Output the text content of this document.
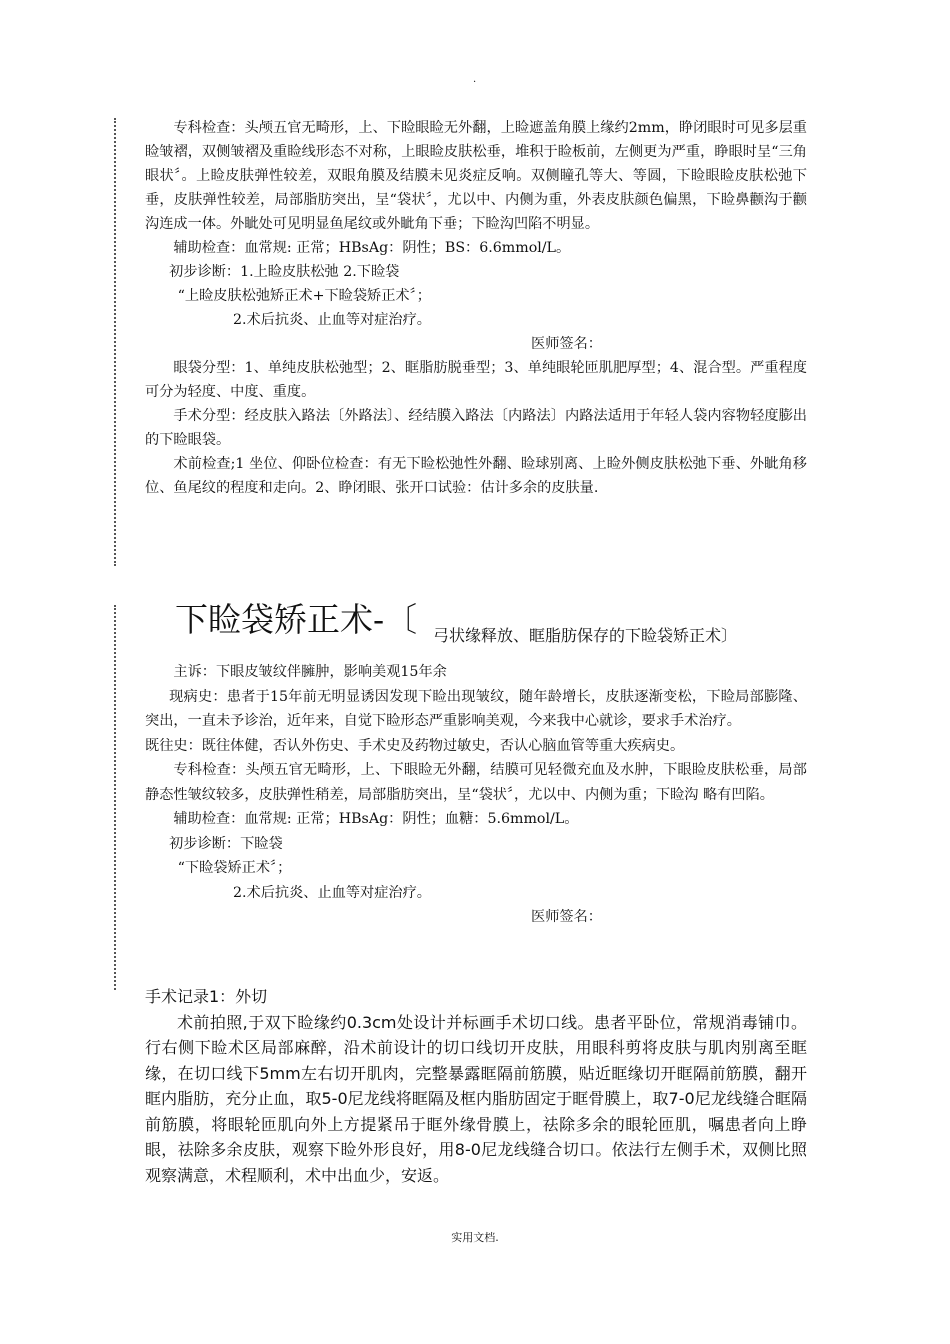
.

专科检查：头颅五官无畸形，上、下睑眼睑无外翻，上睑遮盖角膜上缘约2mm，睁闭眼时可见多层重睑皱褶，双侧皱褶及重睑线形态不对称，上眼睑皮肤松垂，堆积于睑板前，左侧更为严重，睁眼时呈“三角眼状〞。上睑皮肤弹性较差，双眼角膜及结膜未见炎症反响。双侧瞳孔等大、等圆，下睑眼睑皮肤松弛下垂，皮肤弹性较差，局部脂肪突出，呈“袋状〞，尤以中、内侧为重，外表皮肤颜色偏黑，下睑鼻颧沟于颧沟连成一体。外眦处可见明显鱼尾纹或外眦角下垂；下睑沟凹陷不明显。

辅助检查：血常规: 正常；HBsAg：阴性；BS：6.6mmol/L。

初步诊断：1.上睑皮肤松弛 2.下睑袋

“上睑皮肤松弛矫正术+下睑袋矫正术〞；

2.术后抗炎、止血等对症治疗。

医师签名：

眼袋分型：1、单纯皮肤松弛型；2、眶脂肪脱垂型；3、单纯眼轮匝肌肥厚型；4、混合型。严重程度可分为轻度、中度、重度。

手术分型：经皮肤入路法〔外路法〕、经结膜入路法〔内路法〕内路法适用于年轻人袋内容物轻度膨出的下睑眼袋。

术前检查;1 坐位、仰卧位检查：有无下睑松弛性外翻、睑球别离、上睑外侧皮肤松弛下垂、外眦角移位、鱼尾纹的程度和走向。2、睁闭眼、张开口试验：估计多余的皮肤量.

下睑袋矫正术-〔 弓状缘释放、眶脂肪保存的下睑袋矫正术〕

主诉：下眼皮皱纹伴臃肿，影响美观15年余

现病史：患者于15年前无明显诱因发现下睑出现皱纹，随年龄增长，皮肤逐渐变松，下睑局部膨隆、突出，一直未予诊治，近年来，自觉下睑形态严重影响美观，今来我中心就诊，要求手术治疗。

既往史：既往体健，否认外伤史、手术史及药物过敏史，否认心脑血管等重大疾病史。

专科检查：头颅五官无畸形，上、下眼睑无外翻，结膜可见轻微充血及水肿，下眼睑皮肤松垂，局部静态性皱纹较多，皮肤弹性稍差，局部脂肪突出，呈“袋状〞，尤以中、内侧为重；下睑沟 略有凹陷。

辅助检查：血常规: 正常；HBsAg：阴性；血糖：5.6mmol/L。

初步诊断：下睑袋

“下睑袋矫正术〞；

2.术后抗炎、止血等对症治疗。

医师签名：

手术记录1：外切

术前拍照,于双下睑缘约0.3cm处设计并标画手术切口线。患者平卧位，常规消毒铺巾。行右侧下睑术区局部麻醉，沿术前设计的切口线切开皮肤，用眼科剪将皮肤与肌肉别离至眶缘，在切口线下5mm左右切开肌肉，完整暴露眶隔前筋膜，贴近眶缘切开眶隔前筋膜，翻开眶内脂肪，充分止血，取5-0尼龙线将眶隔及框内脂肪固定于眶骨膜上，取7-0尼龙线缝合眶隔前筋膜，将眼轮匝肌向外上方提紧吊于眶外缘骨膜上，祛除多余的眼轮匝肌，嘱患者向上睁眼，祛除多余皮肤，观察下睑外形良好，用8-0尼龙线缝合切口。依法行左侧手术，双侧比照观察满意，术程顺利，术中出血少，安返。

实用文档.
